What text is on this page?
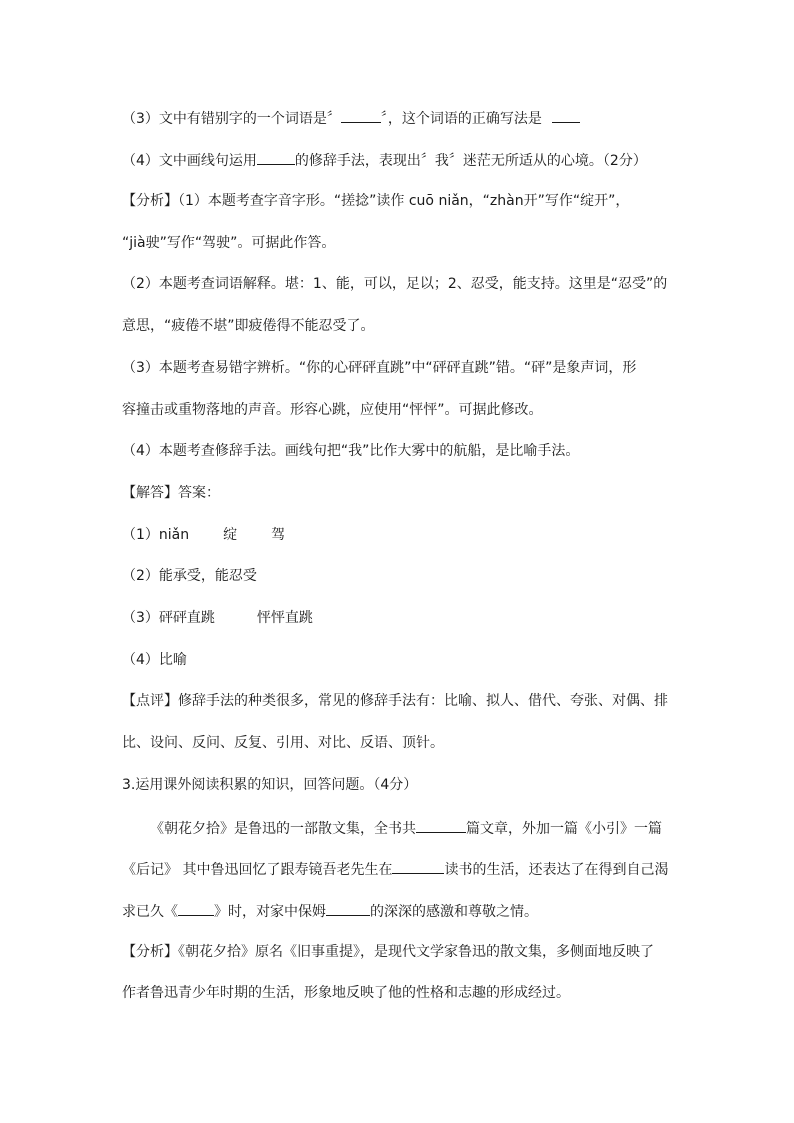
（3）文中有错别字的一个词语是〞	〞，这个词语的正确写法是
（4）文中画线句运用	的修辞手法，表现出〞我〞迷茫无所适从的心境。（2分）
【分析】（1）本题考查字音字形。“搓捻”读作 cuō niǎn，“zhàn开”写作“绽开”，
“jià驶”写作“驾驶”。可据此作答。
（2）本题考查词语解释。堪：1、能，可以，足以；2、忍受，能支持。这里是“忍受”的
意思，“疲倦不堪”即疲倦得不能忍受了。
（3）本题考查易错字辨析。“你的心砰砰直跳”中“砰砰直跳”错。“砰”是象声词，形
容撞击或重物落地的声音。形容心跳，应使用“怦怦”。可据此修改。
（4）本题考查修辞手法。画线句把“我”比作大雾中的航船，是比喻手法。
【解答】答案：
（1）niǎn 绽 驾
（2）能承受，能忍受
（3）砰砰直跳	怦怦直跳
（4）比喻
【点评】修辞手法的种类很多，常见的修辞手法有：比喻、拟人、借代、夸张、对偶、排
比、设问、反问、反复、引用、对比、反语、顶针。
3.运用课外阅读积累的知识，回答问题。（4分）
《朝花夕拾》是鲁迅的一部散文集，全书共	篇文章，外加一篇《小引》一篇
《后记》 其中鲁迅回忆了跟寿镜吾老先生在	读书的生活，还表达了在得到自己渴
求已久《	》时，对家中保姆	的深深的感激和尊敬之情。
【分析】《朝花夕拾》原名《旧事重提》，是现代文学家鲁迅的散文集，多侧面地反映了
作者鲁迅青少年时期的生活，形象地反映了他的性格和志趣的形成经过。
